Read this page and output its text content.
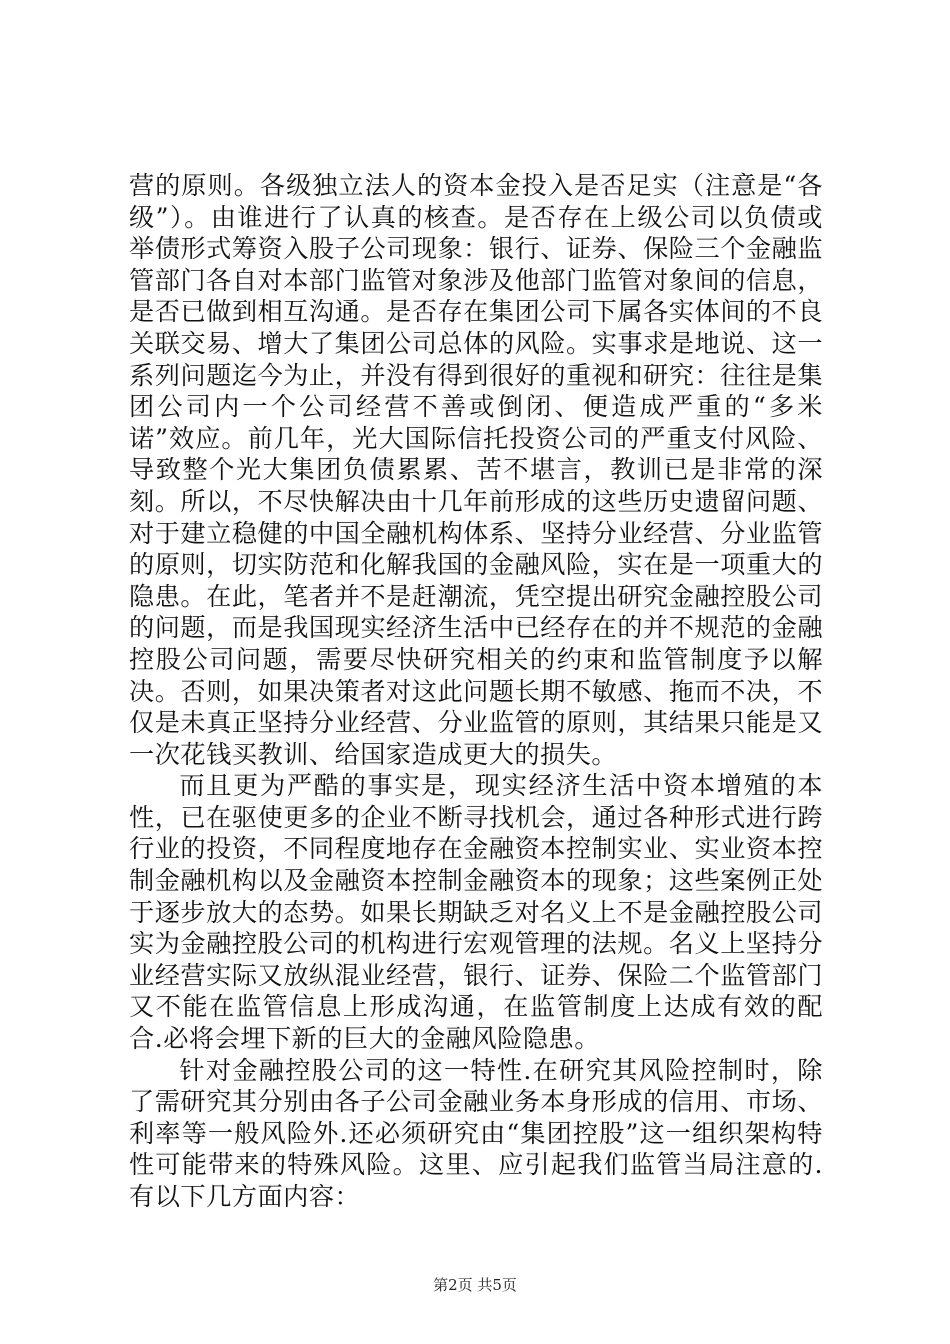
营的原则。各级独立法人的资本金投入是否足实（注意是“各级”）。由谁进行了认真的核查。是否存在上级公司以负债或举债形式筹资入股子公司现象：银行、证券、保险三个金融监管部门各自对本部门监管对象涉及他部门监管对象间的信息，是否已做到相互沟通。是否存在集团公司下属各实体间的不良关联交易、增大了集团公司总体的风险。实事求是地说、这一系列问题迄今为止，并没有得到很好的重视和研究：往往是集团公司内一个公司经营不善或倒闭、便造成严重的“多米诺”效应。前几年，光大国际信托投资公司的严重支付风险、导致整个光大集团负债累累、苦不堪言，教训已是非常的深刻。所以，不尽快解决由十几年前形成的这些历史遗留问题、对于建立稳健的中国全融机构体系、坚持分业经营、分业监管的原则，切实防范和化解我国的金融风险，实在是一项重大的隐患。在此，笔者并不是赶潮流，凭空提出研究金融控股公司的问题，而是我国现实经济生活中已经存在的并不规范的金融控股公司问题，需要尽快研究相关的约束和监管制度予以解决。否则，如果决策者对这此问题长期不敏感、拖而不决，不仅是未真正坚持分业经营、分业监管的原则，其结果只能是又一次花钱买教训、给国家造成更大的损失。

而且更为严酷的事实是，现实经济生活中资本增殖的本性，已在驱使更多的企业不断寻找机会，通过各种形式进行跨行业的投资，不同程度地存在金融资本控制实业、实业资本控制金融机构以及金融资本控制金融资本的现象；这些案例正处于逐步放大的态势。如果长期缺乏对名义上不是金融控股公司实为金融控股公司的机构进行宏观管理的法规。名义上坚持分业经营实际又放纵混业经营，银行、证券、保险二个监管部门又不能在监管信息上形成沟通，在监管制度上达成有效的配合.必将会埋下新的巨大的金融风险隐患。

针对金融控股公司的这一特性.在研究其风险控制时，除了需研究其分别由各子公司金融业务本身形成的信用、市场、利率等一般风险外.还必须研究由“集团控股”这一组织架构特性可能带来的特殊风险。这里、应引起我们监管当局注意的.有以下几方面内容：

第2页 共5页
